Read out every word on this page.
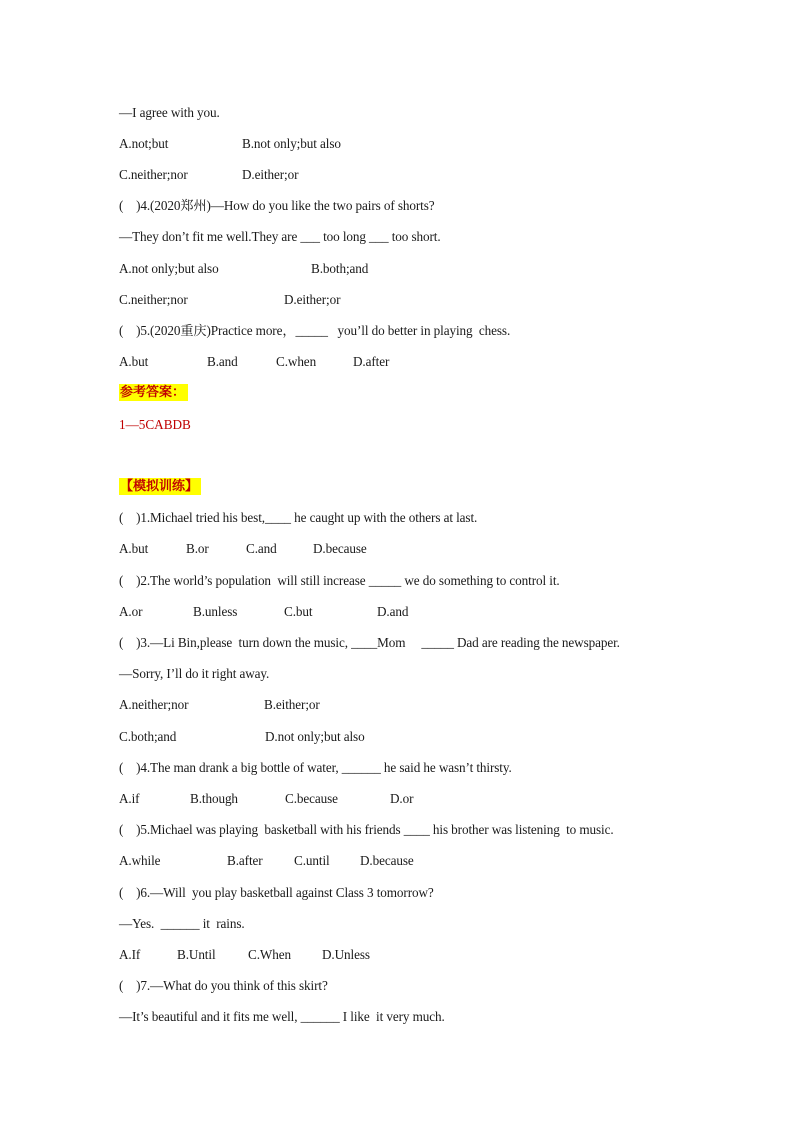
—I agree with you.
A.not;but	B.not only;but also
C.neither;nor	D.either;or
(    )4.(2020郑州)—How do you like the two pairs of shorts?
—They don’t fit me well.They are ___ too long ___ too short.
A.not only;but also	B.both;and
C.neither;nor	D.either;or
(    )5.(2020重庆)Practice more，_____   you’ll do better in playing  chess.
A.but	B.and	C.when	D.after
参考答案：
1—5CABDB
【模拟训练】
(    )1.Michael tried his best,____ he caught up with the others at last.
A.but	B.or	C.and	D.because
(    )2.The world’s population  will still increase _____ we do something to control it.
A.or	B.unless	C.but	D.and
(    )3.—Li Bin,please  turn down the music, ____Mom     _____ Dad are reading the newspaper.
—Sorry, I’ll do it right away.
A.neither;nor	B.either;or
C.both;and	D.not only;but also
(    )4.The man drank a big bottle of water, ______ he said he wasn’t thirsty.
A.if	B.though	C.because	D.or
(    )5.Michael was playing  basketball with his friends ____ his brother was listening  to music.
A.while	B.after C.until D.because
(    )6.—Will  you play basketball against Class 3 tomorrow?
—Yes.  ______ it  rains.
A.If	B.Until C.When D.Unless
(    )7.—What do you think of this skirt?
—It’s beautiful and it fits me well, ______ I like  it very much.
